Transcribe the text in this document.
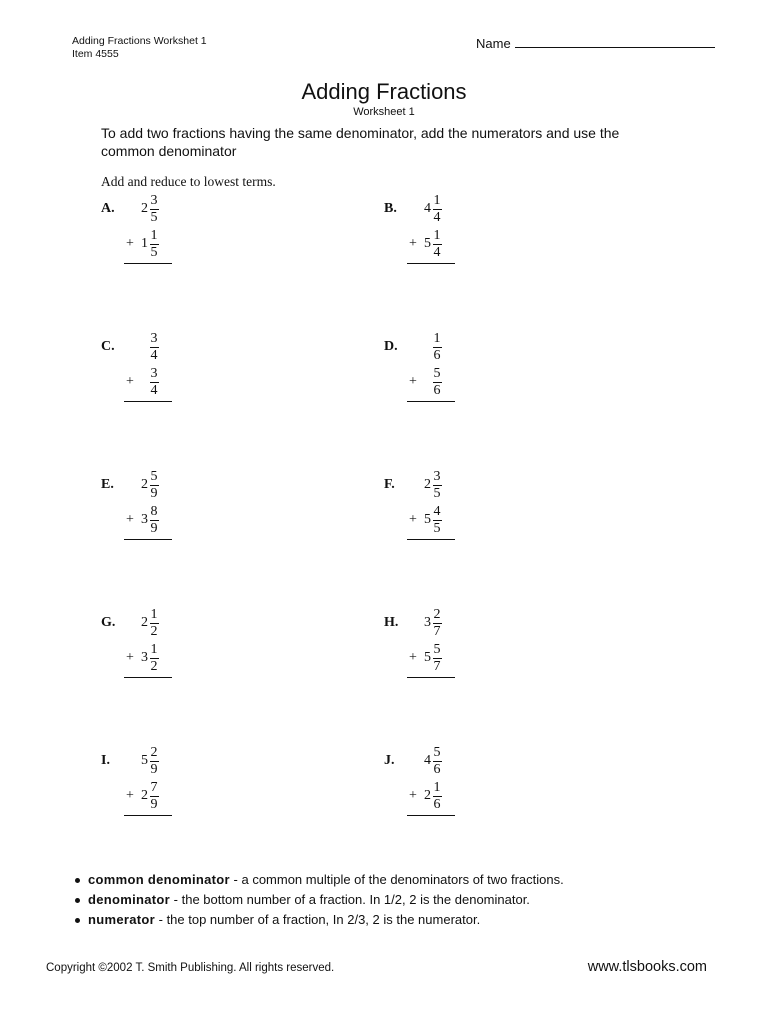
Adding Fractions Workshet 1
Item 4555
Name
Adding Fractions
Worksheet 1
To add two fractions having the same denominator, add the numerators and use the
common denominator
Add and reduce to lowest terms.
A.	2
3
5
+ 1
1
5
B.	4
1
4
+ 5
1
4
C.
3
4
+
3
4
D.
1
6
+
5
6
E.	2
5
9
+ 3
8
9
F.	2
3
5
+ 5
4
5
G.	2
1
2
+ 3
1
2
H.	3
2
7
+ 5
5
7
I.	5
2
9
+ 2
7
9
J.	4
5
6
+ 2
1
6
common denominator - a common multiple of the denominators of two fractions.
denominator - the bottom number of a fraction. In 1/2, 2 is the denominator.
numerator - the top number of a fraction, In 2/3, 2 is the numerator.
Copyright ©2002 T. Smith Publishing. All rights reserved.	www.tlsbooks.com
